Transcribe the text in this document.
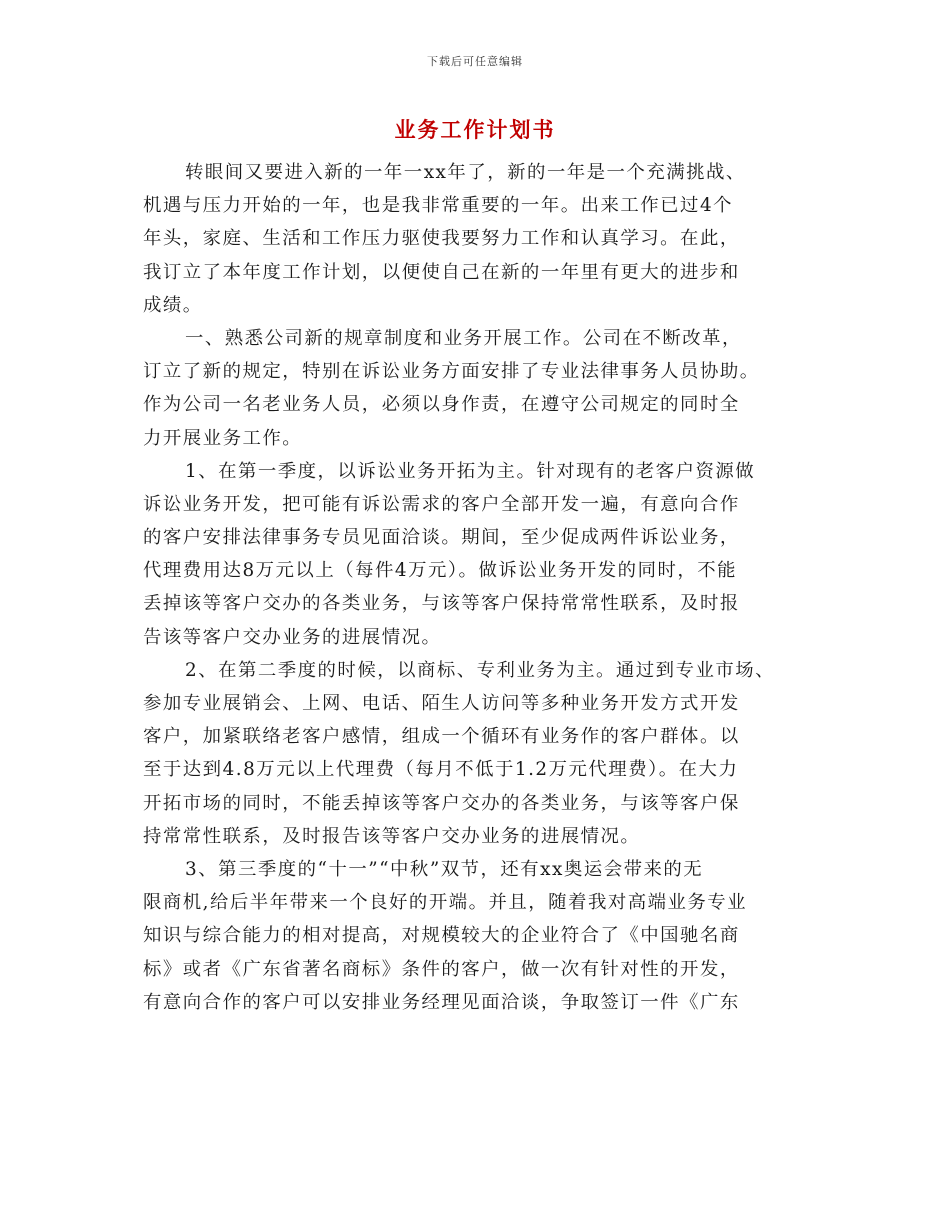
下载后可任意编辑
业务工作计划书
转眼间又要进入新的一年一xx年了，新的一年是一个充满挑战、
机遇与压力开始的一年，也是我非常重要的一年。出来工作已过4个
年头，家庭、生活和工作压力驱使我要努力工作和认真学习。在此，
我订立了本年度工作计划，以便使自己在新的一年里有更大的进步和
成绩。
一、熟悉公司新的规章制度和业务开展工作。公司在不断改革，
订立了新的规定，特别在诉讼业务方面安排了专业法律事务人员协助。
作为公司一名老业务人员，必须以身作责，在遵守公司规定的同时全
力开展业务工作。
1、在第一季度，以诉讼业务开拓为主。针对现有的老客户资源做
诉讼业务开发，把可能有诉讼需求的客户全部开发一遍，有意向合作
的客户安排法律事务专员见面洽谈。期间，至少促成两件诉讼业务，
代理费用达8万元以上（每件4万元）。做诉讼业务开发的同时，不能
丢掉该等客户交办的各类业务，与该等客户保持常常性联系，及时报
告该等客户交办业务的进展情况。
2、在第二季度的时候，以商标、专利业务为主。通过到专业市场、
参加专业展销会、上网、电话、陌生人访问等多种业务开发方式开发
客户，加紧联络老客户感情，组成一个循环有业务作的客户群体。以
至于达到4.8万元以上代理费（每月不低于1.2万元代理费）。在大力
开拓市场的同时，不能丢掉该等客户交办的各类业务，与该等客户保
持常常性联系，及时报告该等客户交办业务的进展情况。
3、第三季度的“十一”“中秋”双节，还有xx奥运会带来的无
限商机,给后半年带来一个良好的开端。并且，随着我对高端业务专业
知识与综合能力的相对提高，对规模较大的企业符合了《中国驰名商
标》或者《广东省著名商标》条件的客户，做一次有针对性的开发，
有意向合作的客户可以安排业务经理见面洽谈，争取签订一件《广东
